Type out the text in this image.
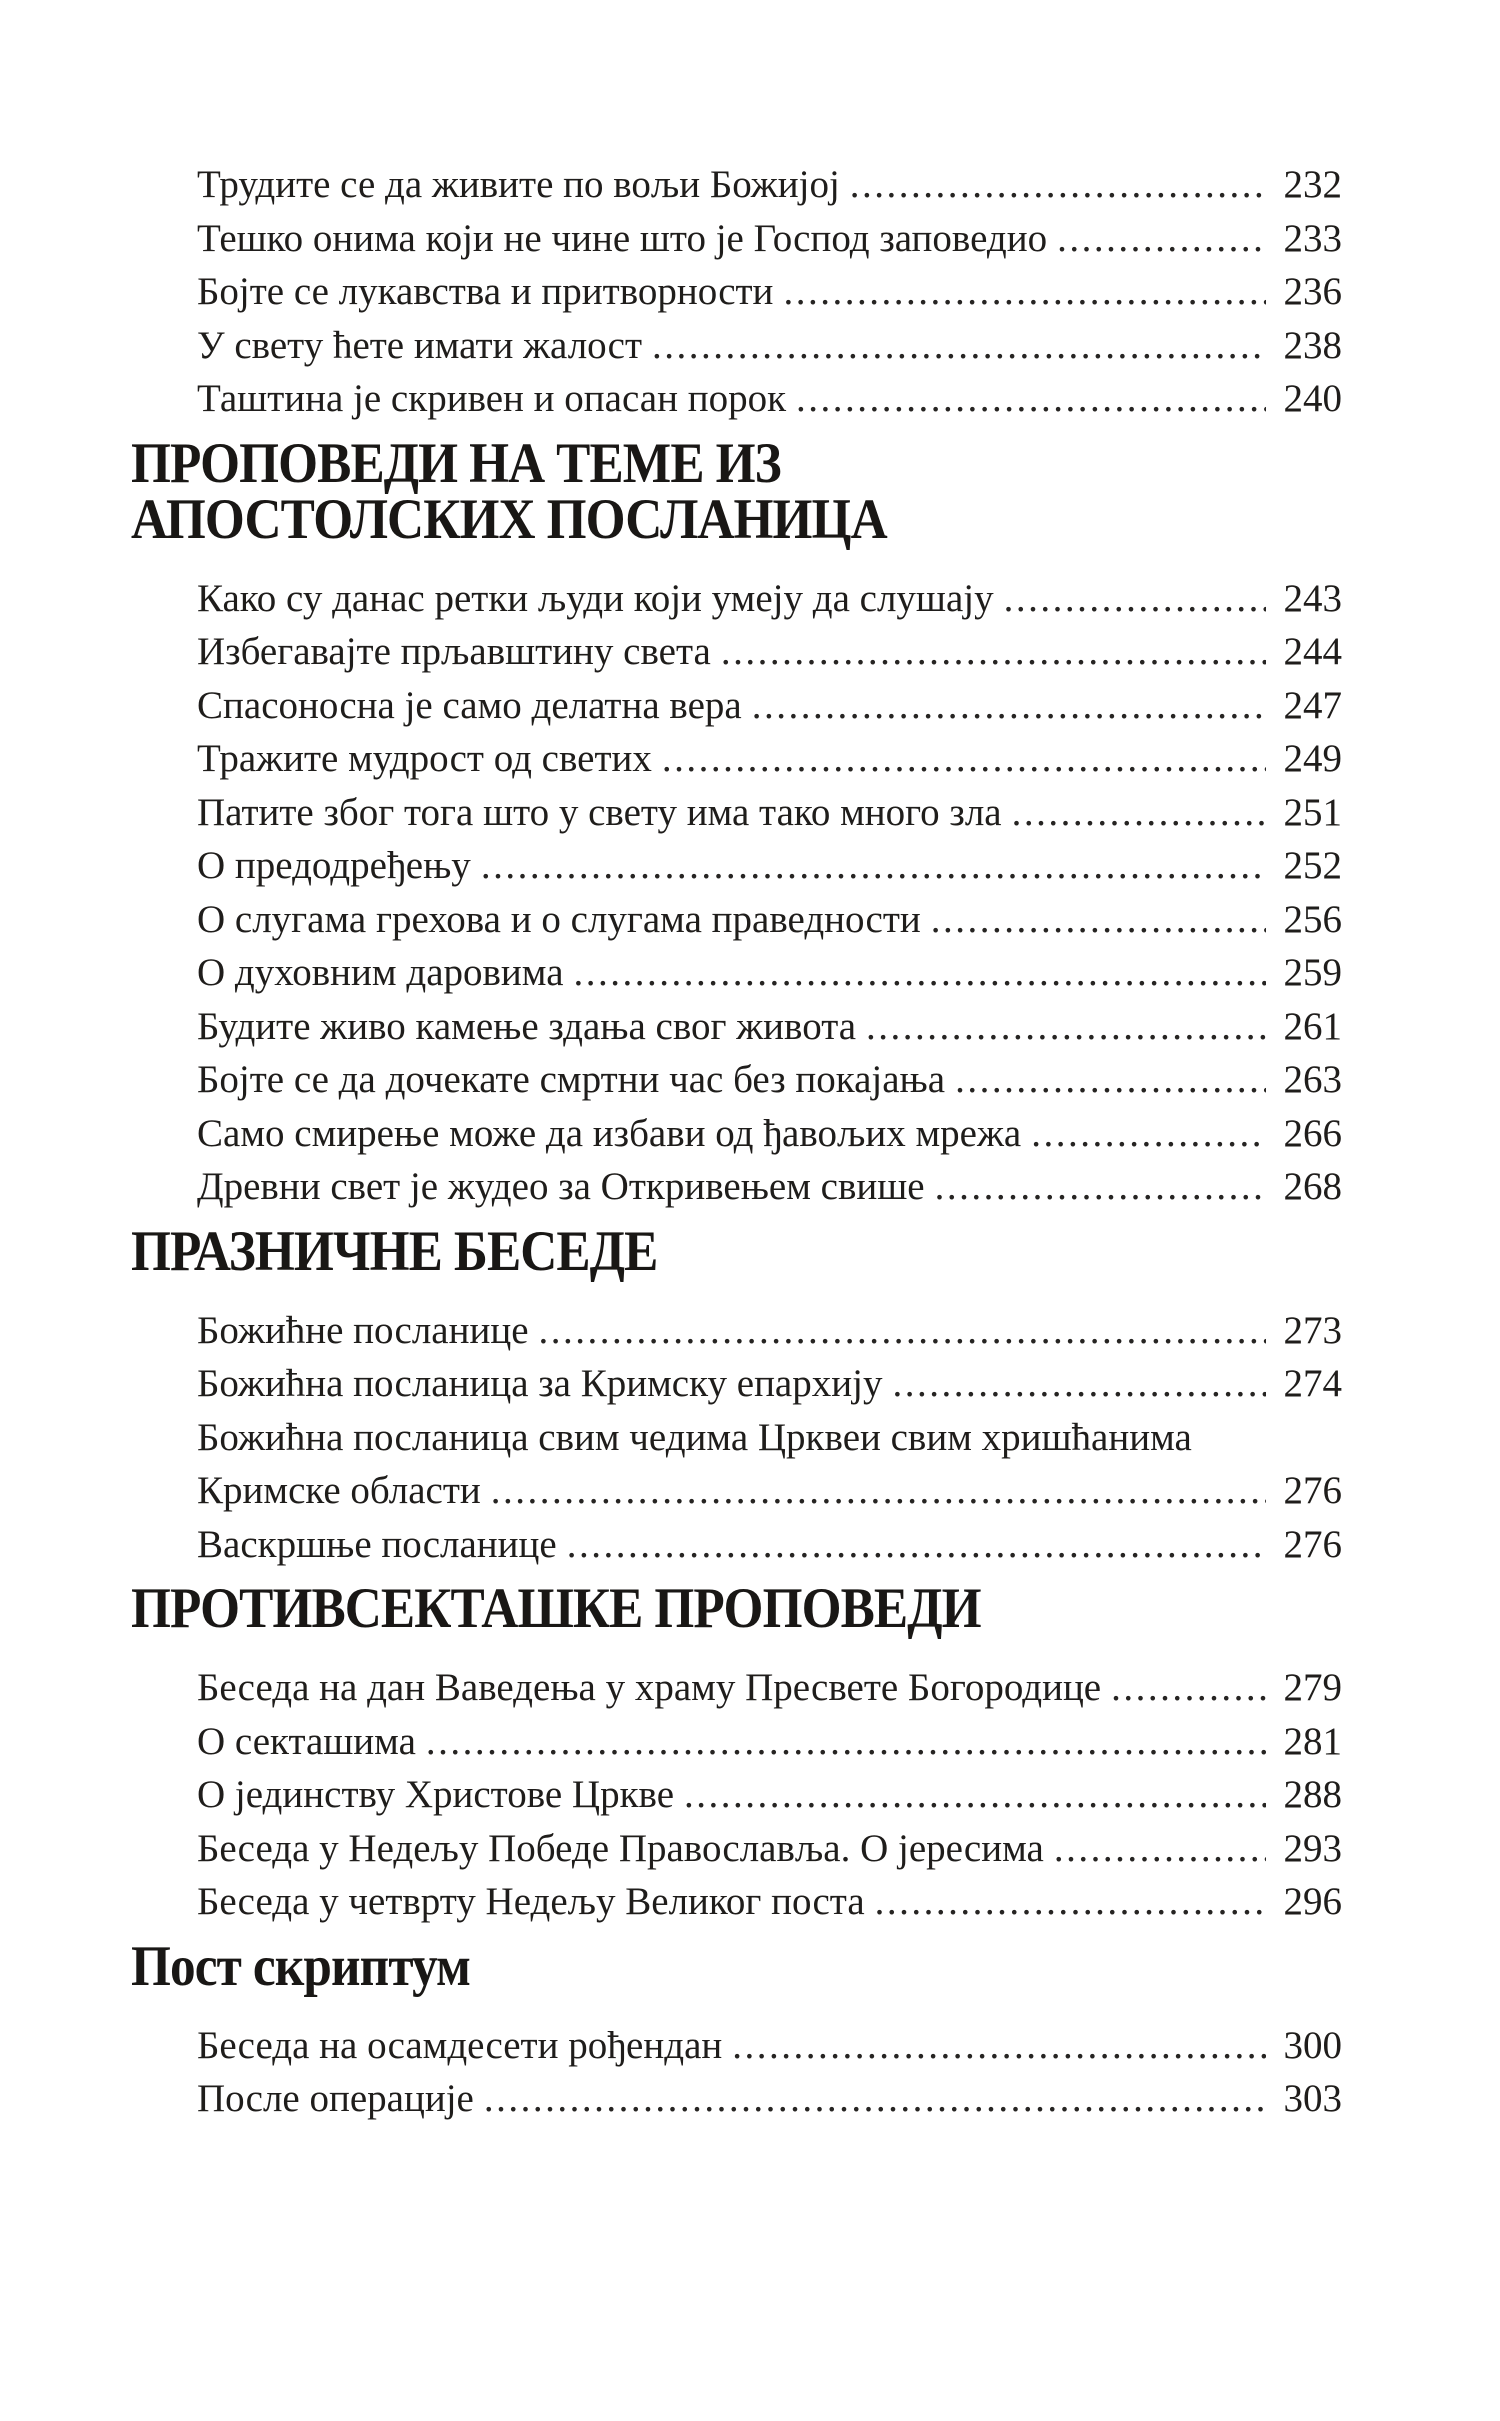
Трудите се да живите по вољи Божијој .....	232
Тешко онима који не чине што је Господ заповедио .....	233
Бојте се лукавства и притворности .....	236
У свету ћете имати жалост .....	238
Таштина је скривен и опасан порок .....	240
ПРОПОВЕДИ НА ТЕМЕ ИЗ
АПОСТОЛСКИХ ПОСЛАНИЦА
Како су данас ретки људи који умеју да слушају .....	243
Избегавајте прљавштину света .....	244
Спасоносна је само делатна вера .....	247
Тражите мудрост од светих .....	249
Патите због тога што у свету има тако много зла .....	251
О предодређењу .....	252
О слугама грехова и о слугама праведности .....	256
О духовним даровима .....	259
Будите живо камење здања свог живота .....	261
Бојте се да дочекате смртни час без покајања .....	263
Само смирење може да избави од ђавољих мрежа .....	266
Древни свет је жудео за Откривењем свише .....	268
ПРАЗНИЧНЕ БЕСЕДЕ
Божићне посланице .....	273
Божићна посланица за Кримску епархију .....	274
Божићна посланица свим чедима Црквеи свим хришћанима
Кримске области .....	276
Васкршње посланице .....	276
ПРОТИВСЕКТАШКЕ ПРОПОВЕДИ
Беседа на дан Ваведења у храму Пресвете Богородице .....	279
О секташима .....	281
О јединству Христове Цркве .....	288
Беседа у Недељу Победе Православља. О јересима .....	293
Беседа у четврту Недељу Великог поста .....	296
Пост скриптум
Беседа на осамдесети рођендан .....	300
После операције .....	303
